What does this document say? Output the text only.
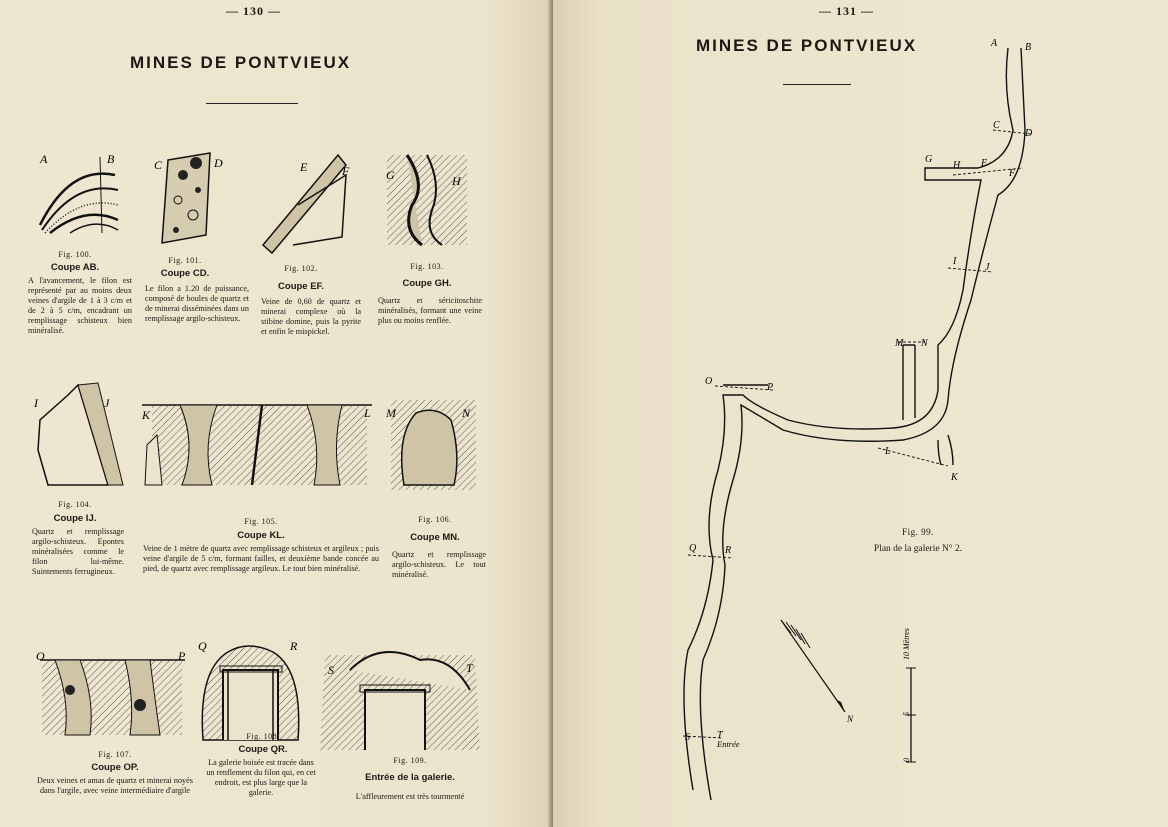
— 130 —
MINES DE PONTVIEUX
A	B	C	D	E	F	G	H
Fig. 100.
Coupe AB.
A l'avancement, le filon est représenté par au moins deux veines d'argile de 1 à 3 c/m et de 2 à 5 c/m, encadrant un remplissage schisteux bien minéralisé.
Fig. 101.
Coupe CD.
Le filon a 1.20 de puissance, composé de boules de quartz et de minerai disséminées dans un remplissage argilo-schisteux.
Fig. 102.
Coupe EF.
Veine de 0,60 de quartz et minerai complexe où la stibine domine, puis la pyrite et enfin le mispickel.
Fig. 103.
Coupe GH.
Quartz et séricitoschite minéralisés, formant une veine plus ou moins renflée.
I	J
K	L M	N
Fig. 104.
Coupe IJ.
Quartz et remplissage argilo-schisteux. Epontes minéralisées comme le filon lui-même. Suintements ferrugineux.
Fig. 105.
Coupe KL.
Veine de 1 mètre de quartz avec remplissage schisteux et argileux ; puis veine d'argile de 5 c/m, formant failles, et deuxième bande concée au pied, de quartz avec remplissage argileux. Le tout bien minéralisé.
Fig. 106.
Coupe MN.
Quartz et remplissage argilo-schisteux. Le tout minéralisé.
O	P
Q	R
S	T
Fig. 107.
Coupe OP.
Deux veines et amas de quartz et minerai noyés dans l'argile, avec veine intermédiaire d'argile
Fig. 108.
Coupe QR.
La galerie boisée est tracée dans un renflement du filon qui, en cet endroit, est plus large que la galerie.
Fig. 109.
Entrée de la galerie.
L'affleurement est très tourmenté
— 131 —
MINES DE PONTVIEUX	A	B
C
D
G
H E
F
I
J
M N
O
P
L
K
Q	R
S	T
Entrée
N	5
0
10 Mètres
Fig. 99.
Plan de la galerie N° 2.
